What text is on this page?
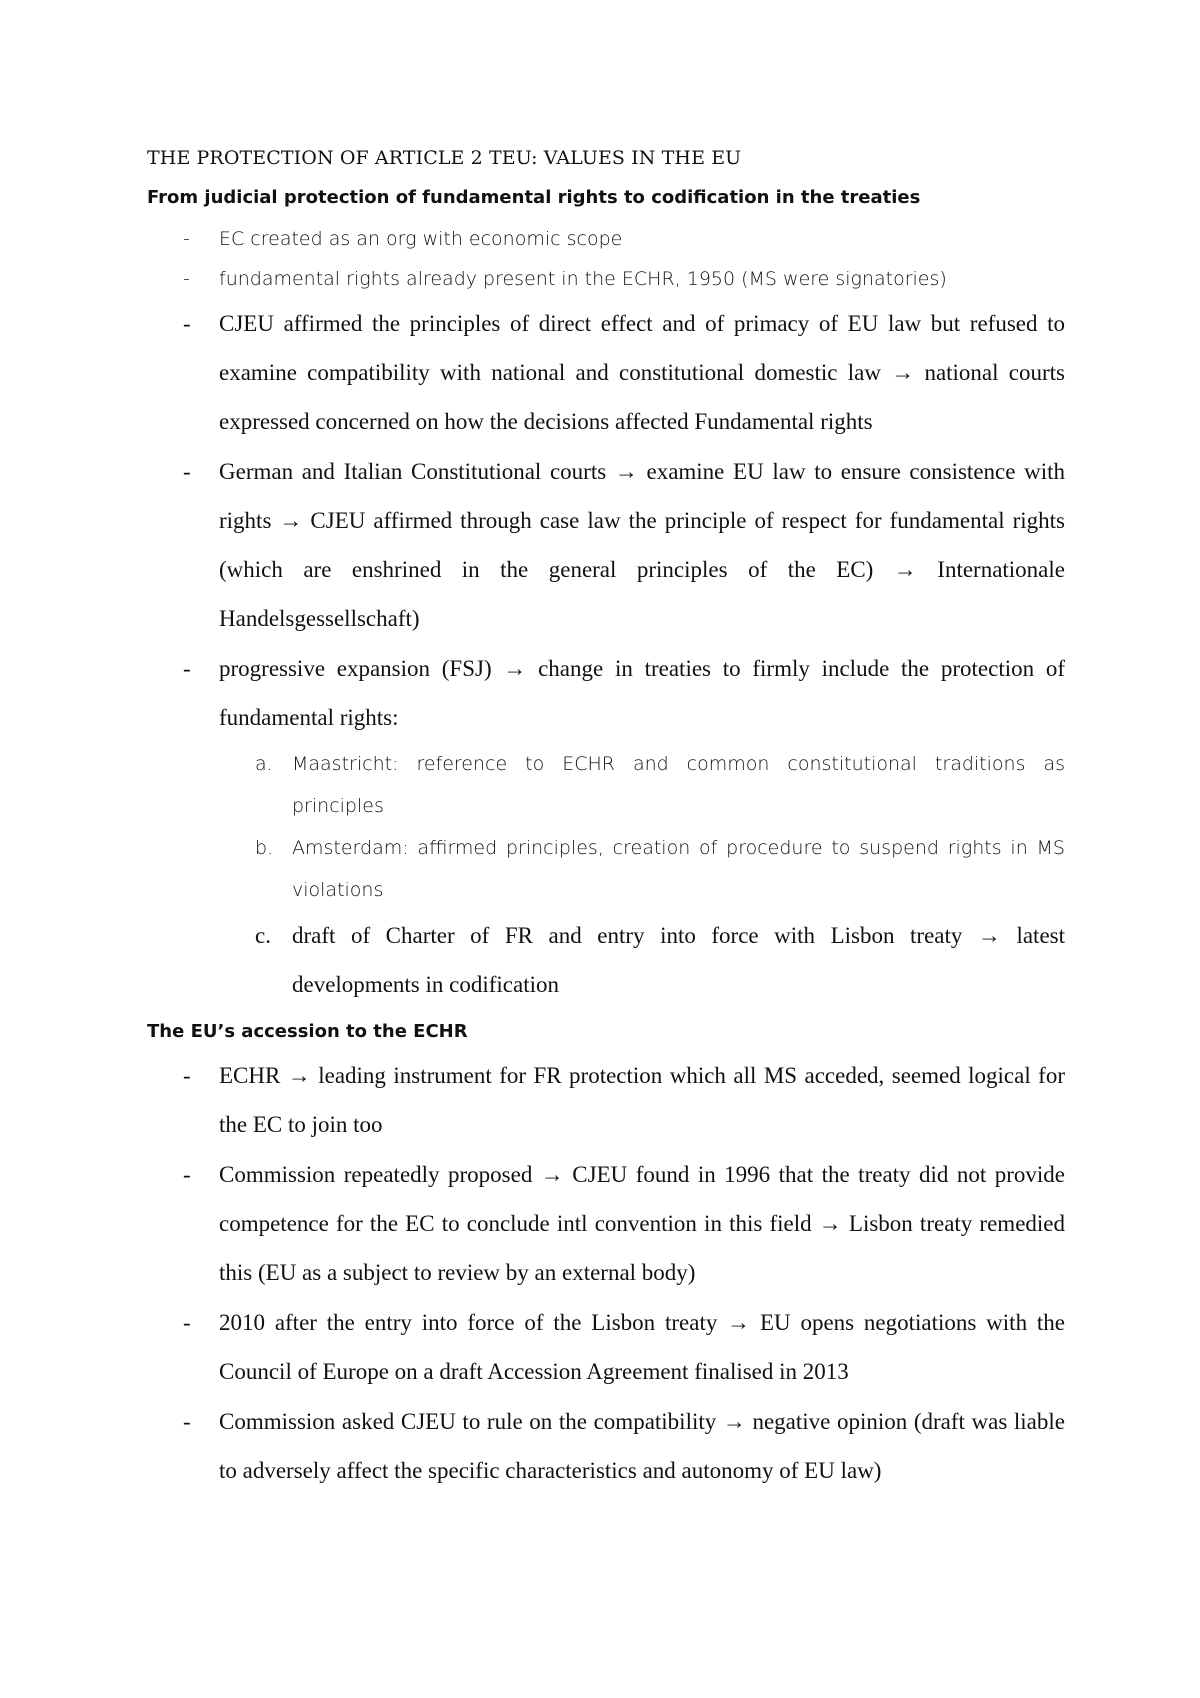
THE PROTECTION OF ARTICLE 2 TEU: VALUES IN THE EU
From judicial protection of fundamental rights to codification in the treaties
- EC created as an org with economic scope
- fundamental rights already present in the ECHR, 1950 (MS were signatories)
- CJEU affirmed the principles of direct effect and of primacy of EU law but refused to examine compatibility with national and constitutional domestic law → national courts expressed concerned on how the decisions affected Fundamental rights
- German and Italian Constitutional courts → examine EU law to ensure consistence with rights → CJEU affirmed through case law the principle of respect for fundamental rights (which are enshrined in the general principles of the EC) → Internationale Handelsgessellschaft)
- progressive expansion (FSJ) → change in treaties to firmly include the protection of fundamental rights:
a. Maastricht: reference to ECHR and common constitutional traditions as principles
b. Amsterdam: affirmed principles, creation of procedure to suspend rights in MS violations
c. draft of Charter of FR and entry into force with Lisbon treaty → latest developments in codification
The EU’s accession to the ECHR
- ECHR → leading instrument for FR protection which all MS acceded, seemed logical for the EC to join too
- Commission repeatedly proposed → CJEU found in 1996 that the treaty did not provide competence for the EC to conclude intl convention in this field → Lisbon treaty remedied this (EU as a subject to review by an external body)
- 2010 after the entry into force of the Lisbon treaty → EU opens negotiations with the Council of Europe on a draft Accession Agreement finalised in 2013
- Commission asked CJEU to rule on the compatibility → negative opinion (draft was liable to adversely affect the specific characteristics and autonomy of EU law)
